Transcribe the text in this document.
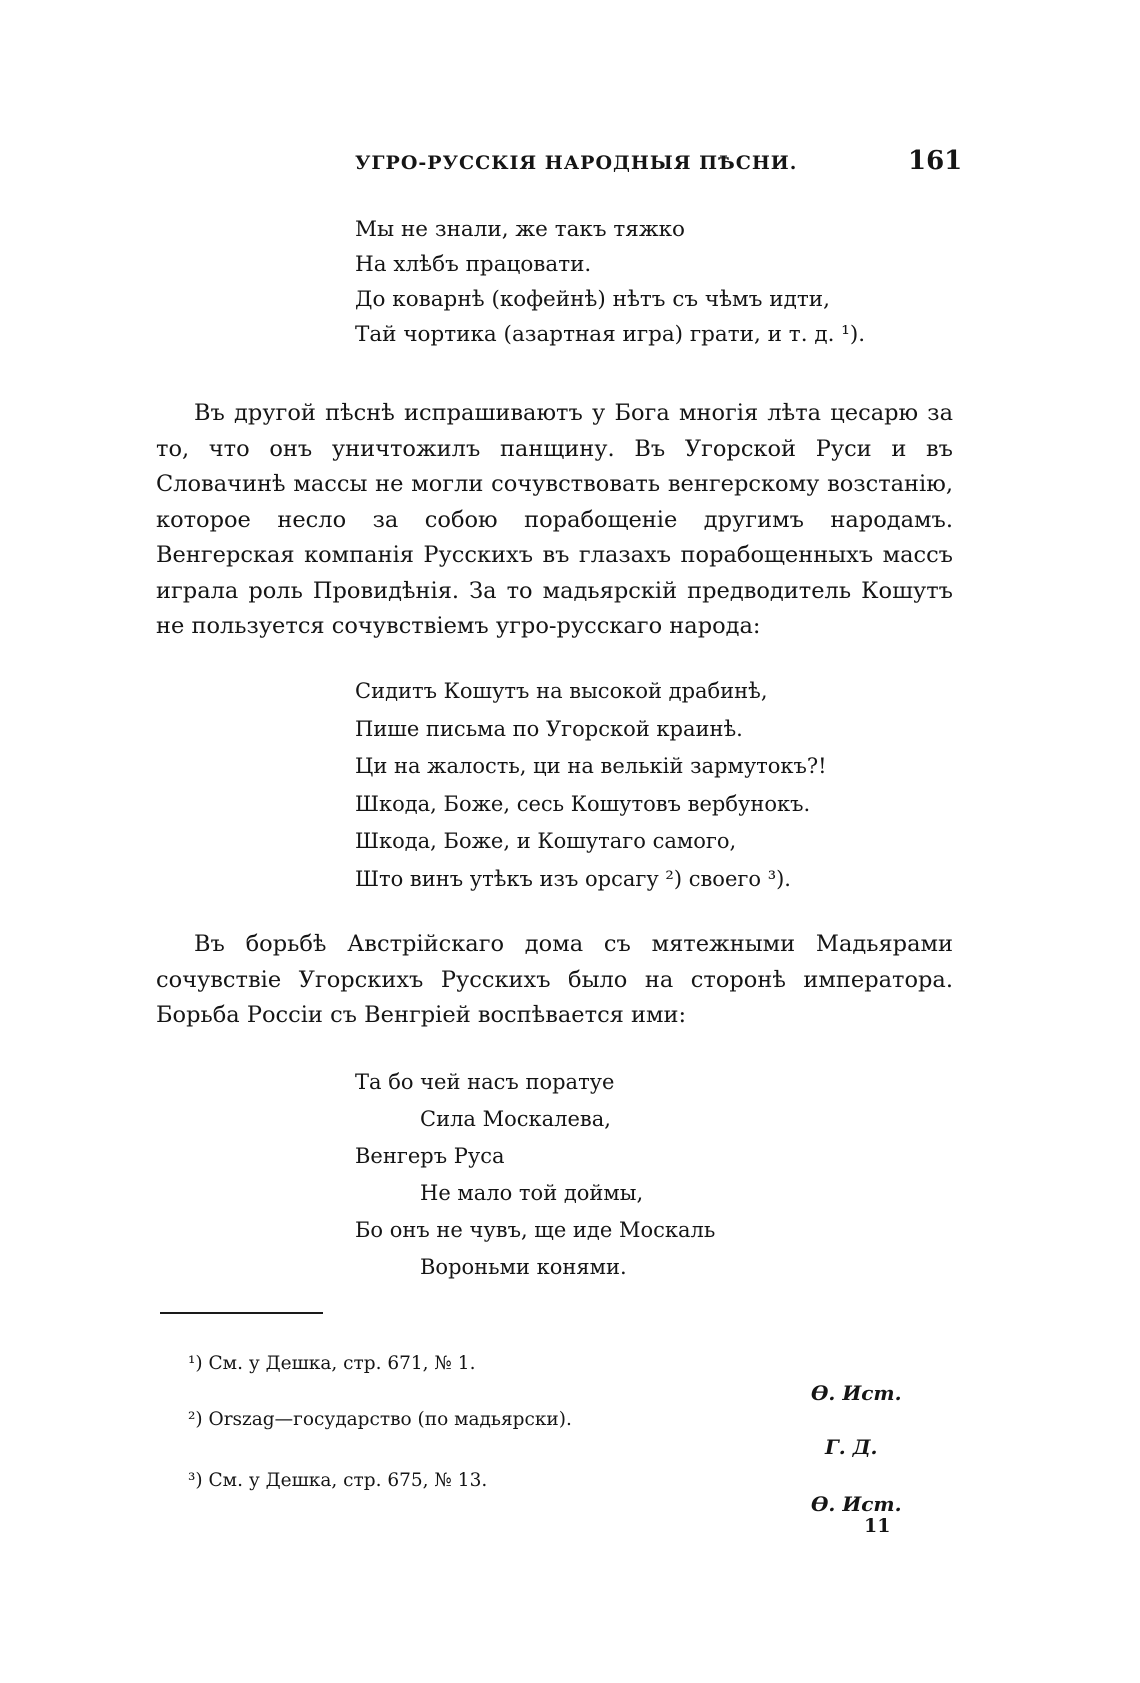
УГРО-РУССКІЯ НАРОДНЫЯ ПѢСНИ.	161
Мы не знали, же такъ тяжко
На хлѣбъ працовати.
До коварнѣ (кофейнѣ) нѣтъ съ чѣмъ идти,
Тай чортика (азартная игра) грати, и т. д. ¹).
Въ другой пѣснѣ испрашиваютъ у Бога многія лѣта цесарю за то, что онъ уничтожилъ панщину. Въ Угорской Руси и въ Словачинѣ массы не могли сочувствовать венгерскому возстанію, которое несло за собою порабощеніе другимъ народамъ. Венгерская компанія Русскихъ въ глазахъ порабощенныхъ массъ играла роль Провидѣнія. За то мадьярскій предводитель Кошутъ не пользуется сочувствіемъ угро-русскаго народа:
Сидитъ Кошутъ на высокой драбинѣ,
Пише письма по Угорской краинѣ.
Ци на жалость, ци на велькій зармутокъ?!
Шкода, Боже, сесь Кошутовъ вербунокъ.
Шкода, Боже, и Кошутаго самого,
Што винъ утѣкъ изъ орсагу ²) своего ³).
Въ борьбѣ Австрійскаго дома съ мятежными Мадьярами сочувствіе Угорскихъ Русскихъ было на сторонѣ императора. Борьба Россіи съ Венгріей воспѣвается ими:
Та бо чей насъ поратуе
Сила Москалева,
Венгеръ Руса
Не мало той доймы,
Бо онъ не чувъ, ще иде Москаль
Вороньми конями.
¹) См. у Дешка, стр. 671, № 1.
Ѳ. Ист.
²) Orszag—государство (по мадьярски).
Г. Д.
³) См. у Дешка, стр. 675, № 13.
Ѳ. Ист.
11
